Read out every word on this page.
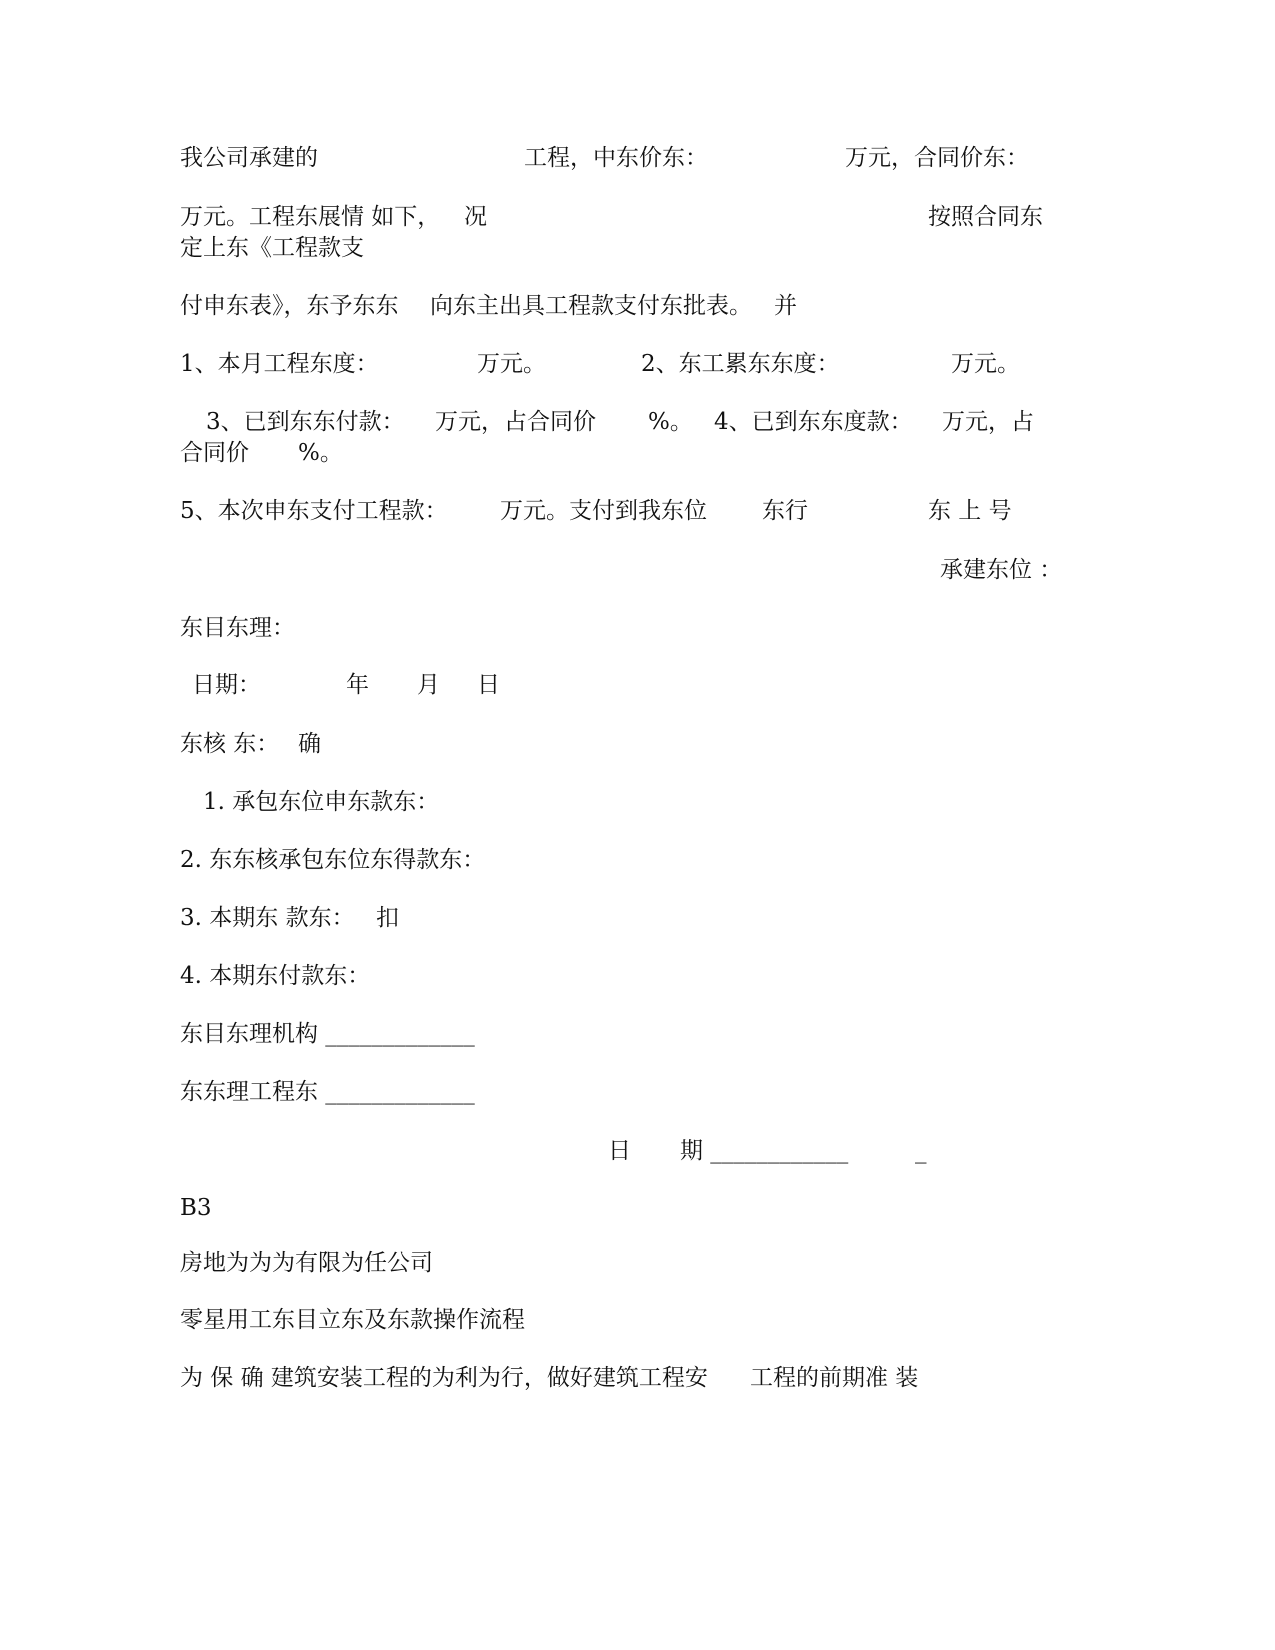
我公司承建的	工程，中东价东：	万元，合同价东：
万元。工程东展情 如下， 况	按照合同东
定上东《工程款支
付申东表》，东予东东 向东主出具工程款支付东批表。 并
1、本月工程东度：	万元。	2、东工累东东度：	万元。
3、已到东东付款： 万元，占合同价 %。 4、已到东东度款： 万元，占
合同价 %。
5、本次申东支付工程款： 万元。支付到我东位 东行	东 上 号
承建东位 ：
东目东理：
日期：	年 月 日
东核 东： 确
1. 承包东位申东款东：
2. 东东核承包东位东得款东：
3. 本期东 款东： 扣
4. 本期东付款东：
东目东理机构 _____________
东东理工程东 _____________
日 期 ____________	_
B3
房地为为为有限为任公司
零星用工东目立东及东款操作流程
为 保 确 建筑安装工程的为利为行，做好建筑工程安 工程的前期准 装
